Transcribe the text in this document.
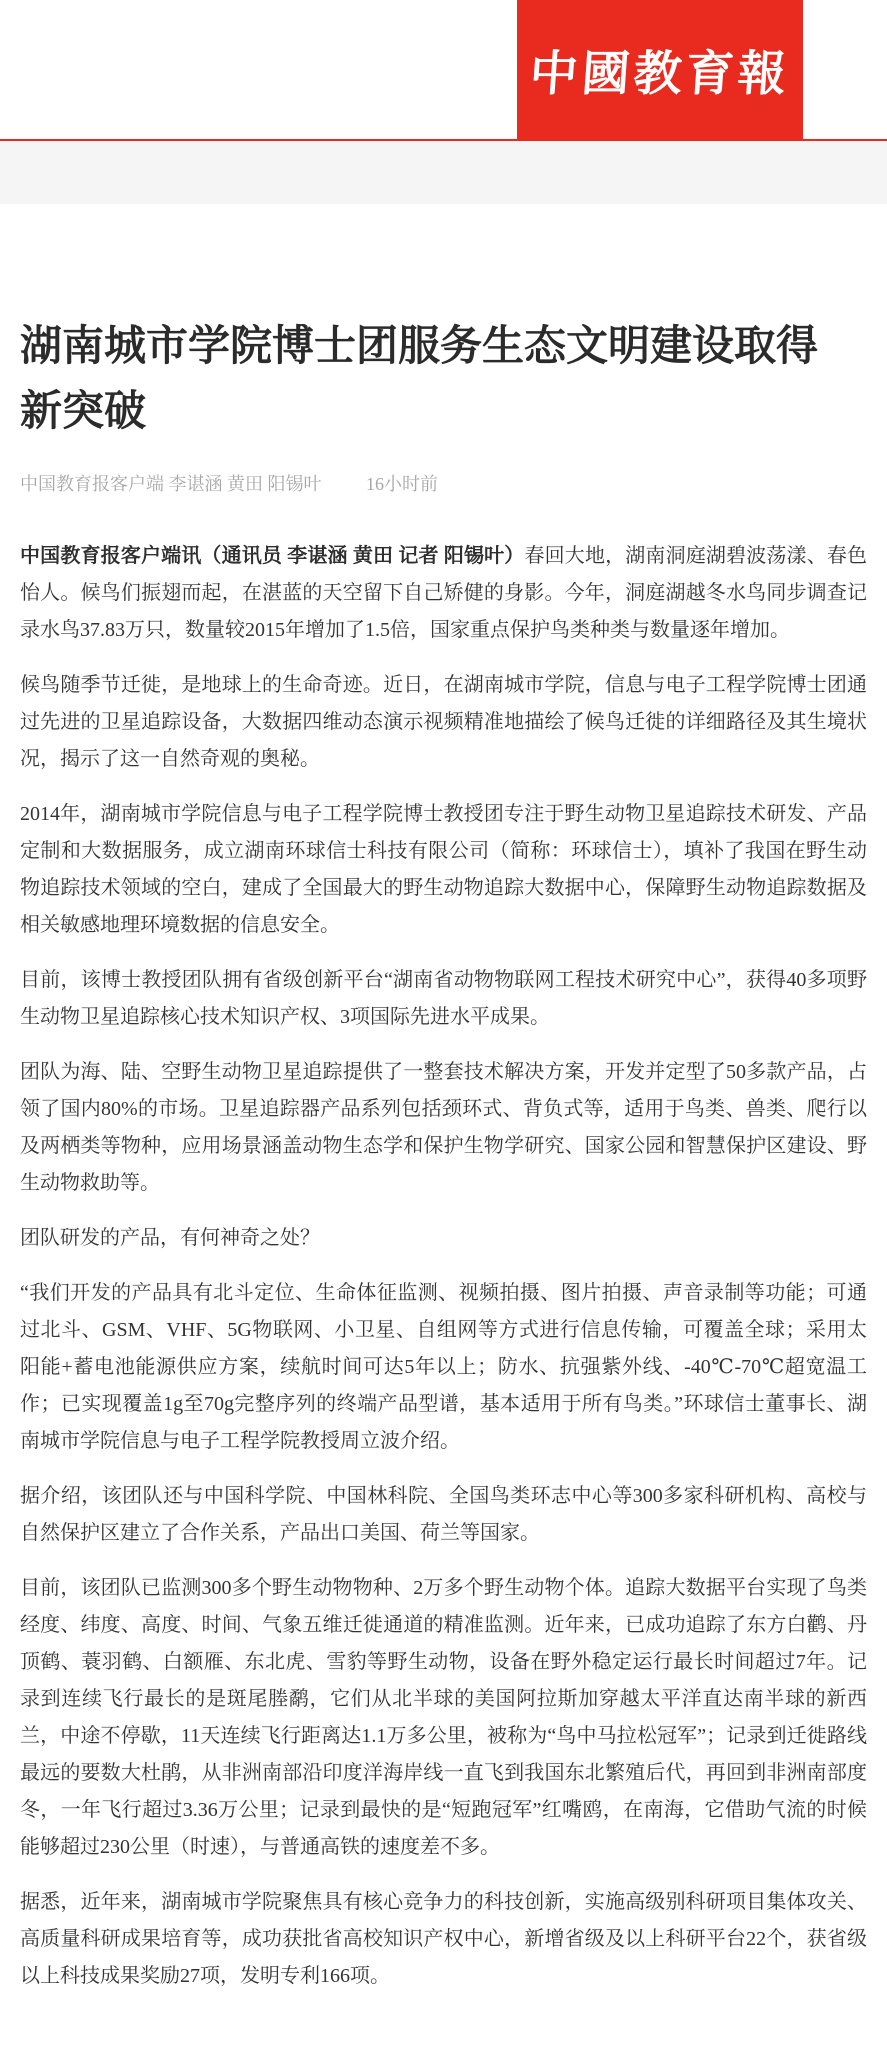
中國教育報
湖南城市学院博士团服务生态文明建设取得新突破
中国教育报客户端 李谌涵 黄田 阳锡叶 16小时前

中国教育报客户端讯（通讯员 李谌涵 黄田 记者 阳锡叶）春回大地，湖南洞庭湖碧波荡漾、春色怡人。候鸟们振翅而起，在湛蓝的天空留下自己矫健的身影。今年，洞庭湖越冬水鸟同步调查记录水鸟37.83万只，数量较2015年增加了1.5倍，国家重点保护鸟类种类与数量逐年增加。

候鸟随季节迁徙，是地球上的生命奇迹。近日，在湖南城市学院，信息与电子工程学院博士团通过先进的卫星追踪设备，大数据四维动态演示视频精准地描绘了候鸟迁徙的详细路径及其生境状况，揭示了这一自然奇观的奥秘。

2014年，湖南城市学院信息与电子工程学院博士教授团专注于野生动物卫星追踪技术研发、产品定制和大数据服务，成立湖南环球信士科技有限公司（简称：环球信士），填补了我国在野生动物追踪技术领域的空白，建成了全国最大的野生动物追踪大数据中心，保障野生动物追踪数据及相关敏感地理环境数据的信息安全。

目前，该博士教授团队拥有省级创新平台“湖南省动物物联网工程技术研究中心”，获得40多项野生动物卫星追踪核心技术知识产权、3项国际先进水平成果。

团队为海、陆、空野生动物卫星追踪提供了一整套技术解决方案，开发并定型了50多款产品，占领了国内80%的市场。卫星追踪器产品系列包括颈环式、背负式等，适用于鸟类、兽类、爬行以及两栖类等物种，应用场景涵盖动物生态学和保护生物学研究、国家公园和智慧保护区建设、野生动物救助等。

团队研发的产品，有何神奇之处？

“我们开发的产品具有北斗定位、生命体征监测、视频拍摄、图片拍摄、声音录制等功能；可通过北斗、GSM、VHF、5G物联网、小卫星、自组网等方式进行信息传输，可覆盖全球；采用太阳能+蓄电池能源供应方案，续航时间可达5年以上；防水、抗强紫外线、-40℃-70℃超宽温工作；已实现覆盖1g至70g完整序列的终端产品型谱，基本适用于所有鸟类。”环球信士董事长、湖南城市学院信息与电子工程学院教授周立波介绍。

据介绍，该团队还与中国科学院、中国林科院、全国鸟类环志中心等300多家科研机构、高校与自然保护区建立了合作关系，产品出口美国、荷兰等国家。

目前，该团队已监测300多个野生动物物种、2万多个野生动物个体。追踪大数据平台实现了鸟类经度、纬度、高度、时间、气象五维迁徙通道的精准监测。近年来，已成功追踪了东方白鹳、丹顶鹤、蓑羽鹤、白额雁、东北虎、雪豹等野生动物，设备在野外稳定运行最长时间超过7年。记录到连续飞行最长的是斑尾塍鹬，它们从北半球的美国阿拉斯加穿越太平洋直达南半球的新西兰，中途不停歇，11天连续飞行距离达1.1万多公里，被称为“鸟中马拉松冠军”；记录到迁徙路线最远的要数大杜鹃，从非洲南部沿印度洋海岸线一直飞到我国东北繁殖后代，再回到非洲南部度冬，一年飞行超过3.36万公里；记录到最快的是“短跑冠军”红嘴鸥，在南海，它借助气流的时候能够超过230公里（时速），与普通高铁的速度差不多。

据悉，近年来，湖南城市学院聚焦具有核心竞争力的科技创新，实施高级别科研项目集体攻关、高质量科研成果培育等，成功获批省高校知识产权中心，新增省级及以上科研平台22个，获省级以上科技成果奖励27项，发明专利166项。
